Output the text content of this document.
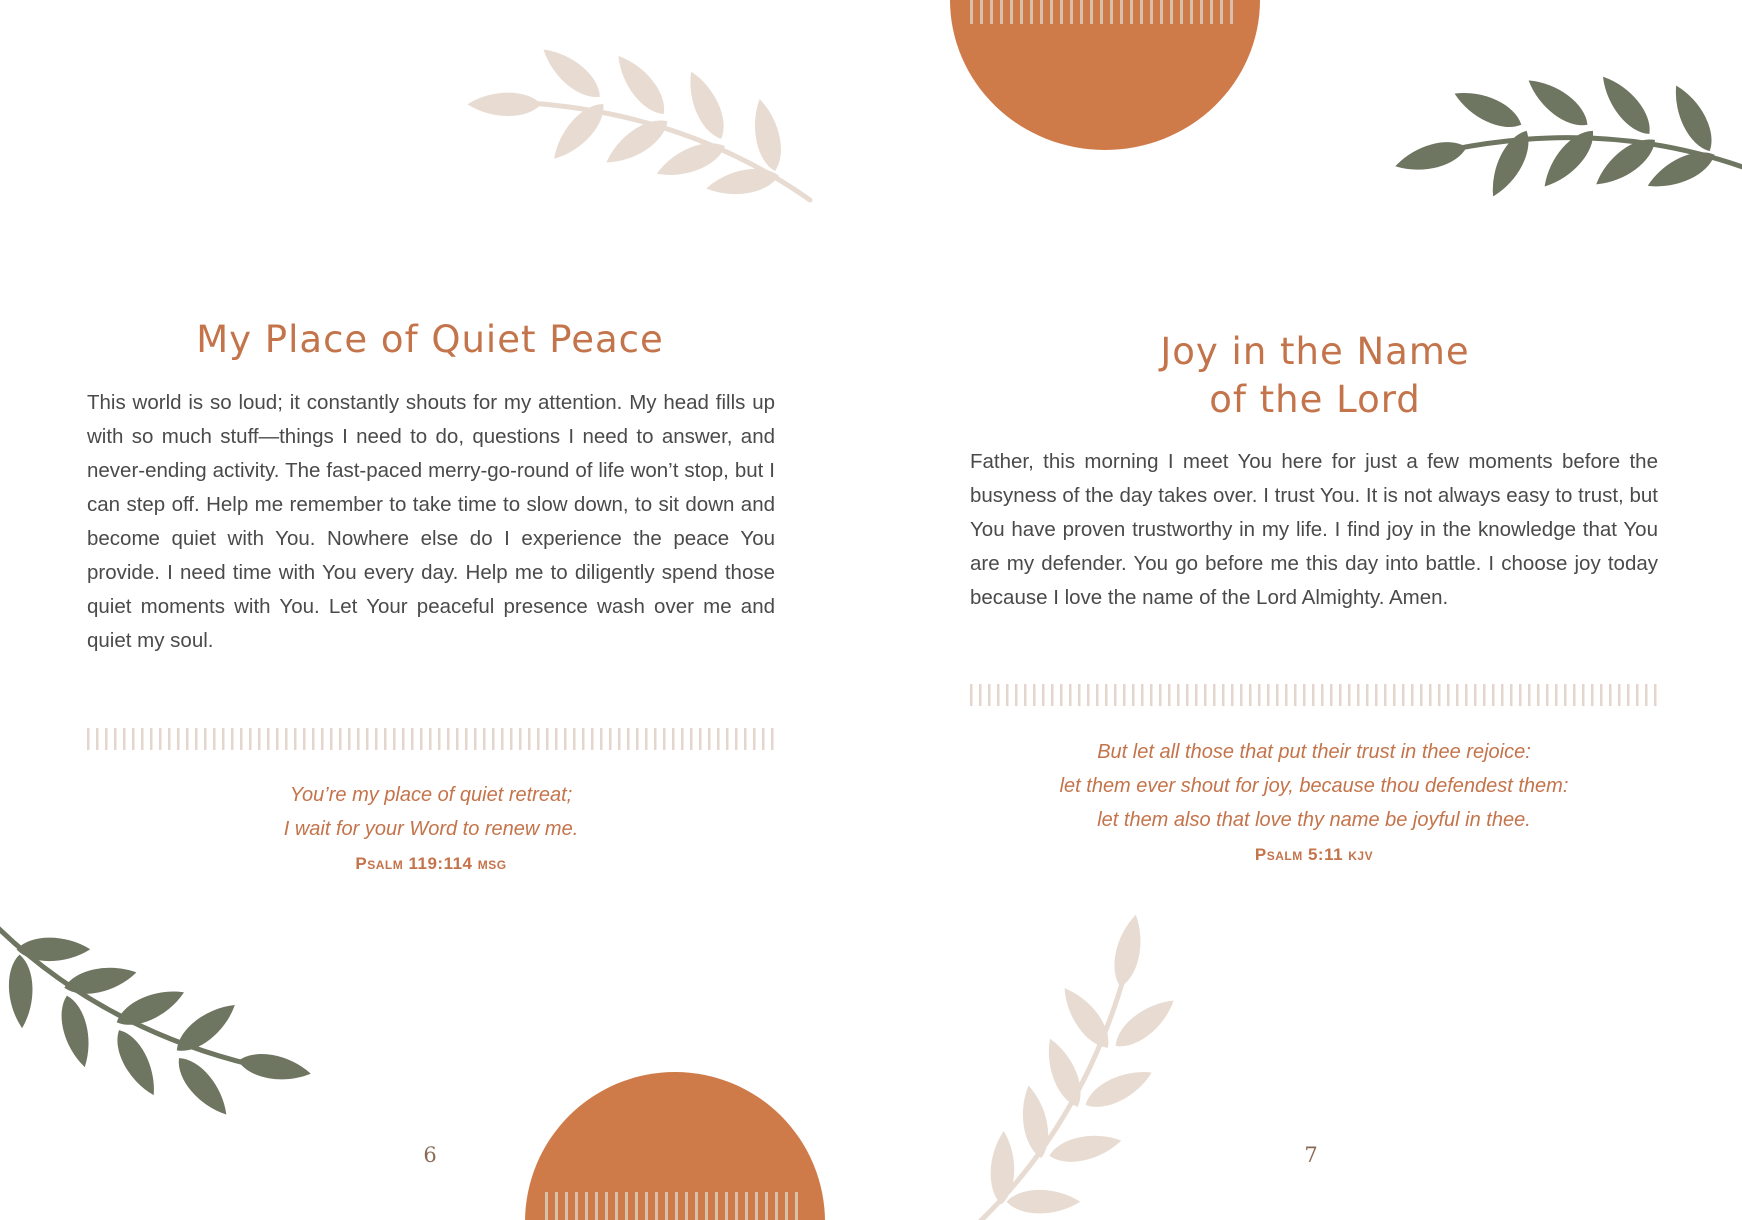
My Place of Quiet Peace

This world is so loud; it constantly shouts for my attention. My head fills up with so much stuff—things I need to do, questions I need to answer, and never-ending activity. The fast-paced merry-go-round of life won’t stop, but I can step off. Help me remember to take time to slow down, to sit down and become quiet with You. Nowhere else do I experience the peace You provide. I need time with You every day. Help me to diligently spend those quiet moments with You. Let Your peaceful presence wash over me and quiet my soul.

You’re my place of quiet retreat;
I wait for your Word to renew me.

Psalm 119:114 msg

6

Joy in the Name
of the Lord

Father, this morning I meet You here for just a few moments before the busyness of the day takes over. I trust You. It is not always easy to trust, but You have proven trustworthy in my life. I find joy in the knowledge that You are my defender. You go before me this day into battle. I choose joy today because I love the name of the Lord Almighty. Amen.

But let all those that put their trust in thee rejoice:
let them ever shout for joy, because thou defendest them:
let them also that love thy name be joyful in thee.

Psalm 5:11 kjv

7
